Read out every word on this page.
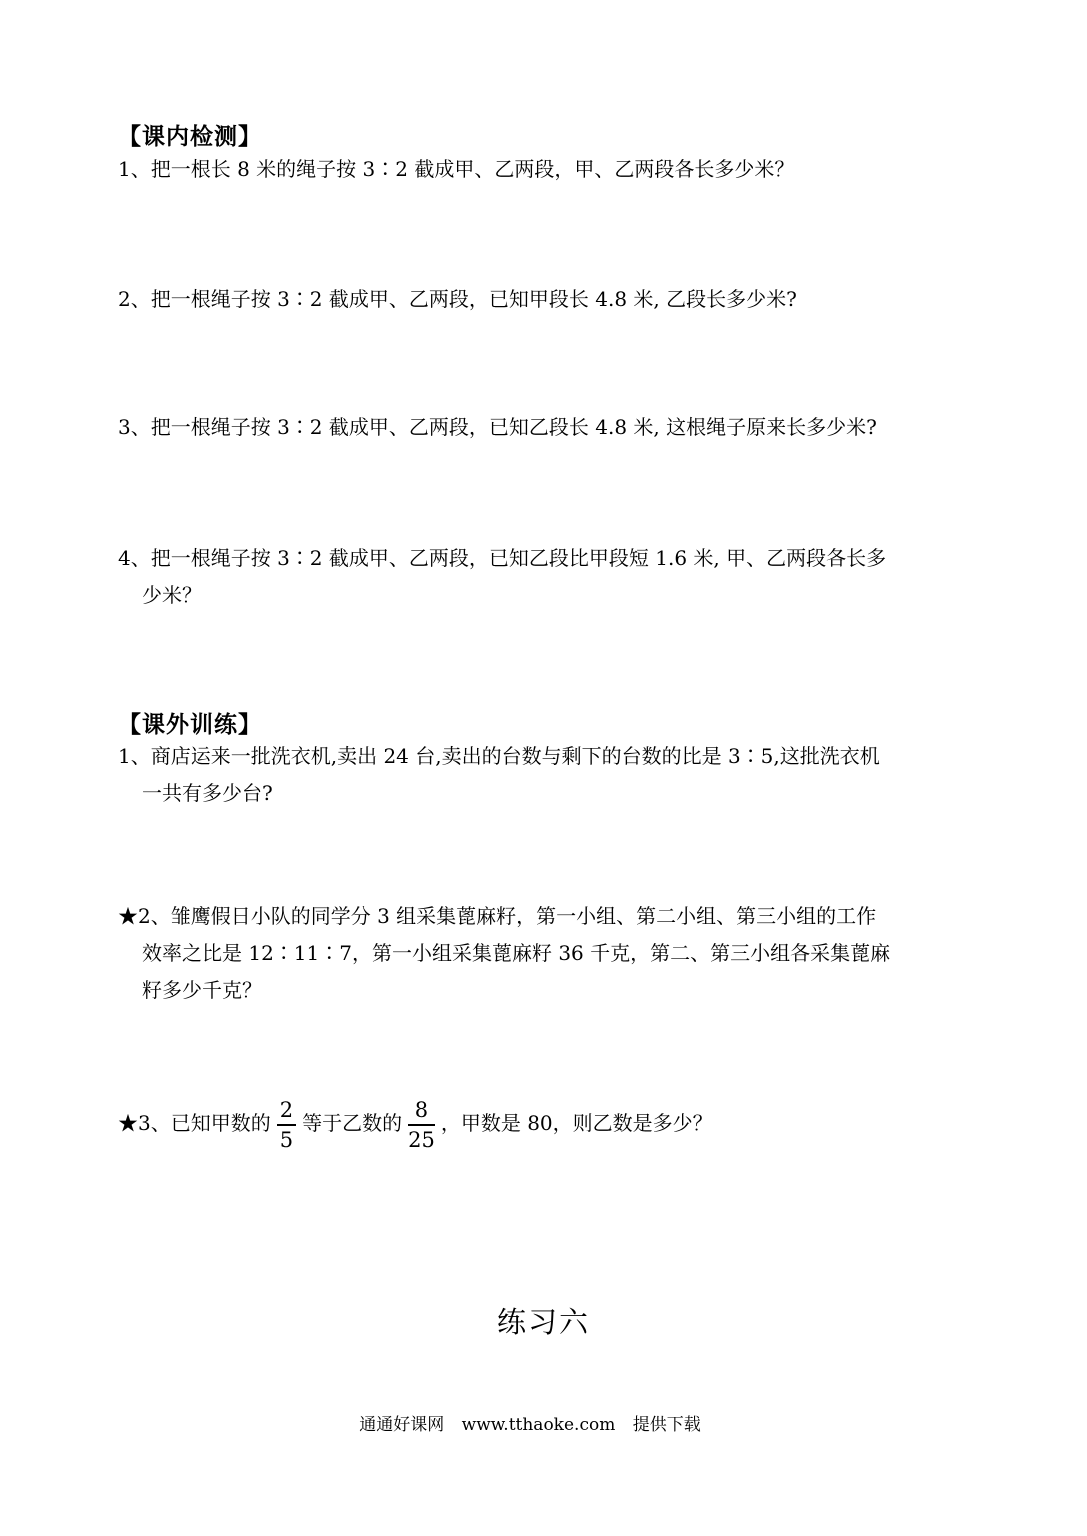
【课内检测】
1、把一根长 8 米的绳子按 3∶2 截成甲、乙两段，甲、乙两段各长多少米？
2、把一根绳子按 3∶2 截成甲、乙两段，已知甲段长 4.8 米, 乙段长多少米?
3、把一根绳子按 3∶2 截成甲、乙两段，已知乙段长 4.8 米, 这根绳子原来长多少米?
4、把一根绳子按 3∶2 截成甲、乙两段，已知乙段比甲段短 1.6 米, 甲、乙两段各长多
少米？
【课外训练】
1、商店运来一批洗衣机,卖出 24 台,卖出的台数与剩下的台数的比是 3∶5,这批洗衣机
一共有多少台?
★2、雏鹰假日小队的同学分 3 组采集蓖麻籽，第一小组、第二小组、第三小组的工作
效率之比是 12∶11∶7，第一小组采集蓖麻籽 36 千克，第二、第三小组各采集蓖麻
籽多少千克？
★3、已知甲数的 $\frac{2}{5}$ 等于乙数的 $\frac{8}{25}$ ，甲数是 80，则乙数是多少？
练习六
通通好课网 www.tthaoke.com 提供下载
